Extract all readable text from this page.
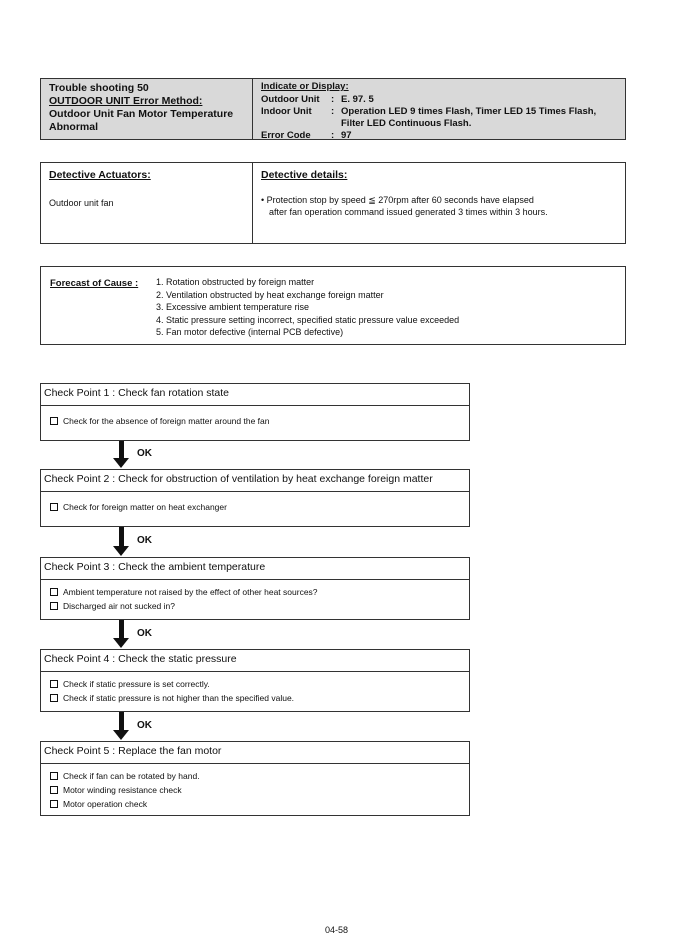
Trouble shooting 50
OUTDOOR UNIT Error Method:
Outdoor Unit Fan Motor Temperature
Abnormal
Indicate or Display:
Outdoor Unit	: E. 97. 5
Indoor Unit	: Operation LED 9 times Flash, Timer LED 15 Times Flash,
Filter LED Continuous Flash.
Error Code	: 97
Detective Actuators:
Outdoor unit fan
Detective details:
• Protection stop by speed ≦ 270rpm after 60 seconds have elapsed
after fan operation command issued generated 3 times within 3 hours.
Forecast of Cause : 1. Rotation obstructed by foreign matter
2. Ventilation obstructed by heat exchange foreign matter
3. Excessive ambient temperature rise
4. Static pressure setting incorrect, specified static pressure value exceeded
5. Fan motor defective (internal PCB defective)
Check Point 1 : Check fan rotation state
Check for the absence of foreign matter around the fan
OK
Check Point 2 : Check for obstruction of ventilation by heat exchange foreign matter
Check for foreign matter on heat exchanger
OK
Check Point 3 : Check the ambient temperature
Ambient temperature not raised by the effect of other heat sources?
Discharged air not sucked in?
OK
Check Point 4 : Check the static pressure
Check if static pressure is set correctly.
Check if static pressure is not higher than the specified value.
OK
Check Point 5 : Replace the fan motor
Check if fan can be rotated by hand.
Motor winding resistance check
Motor operation check
04-58
